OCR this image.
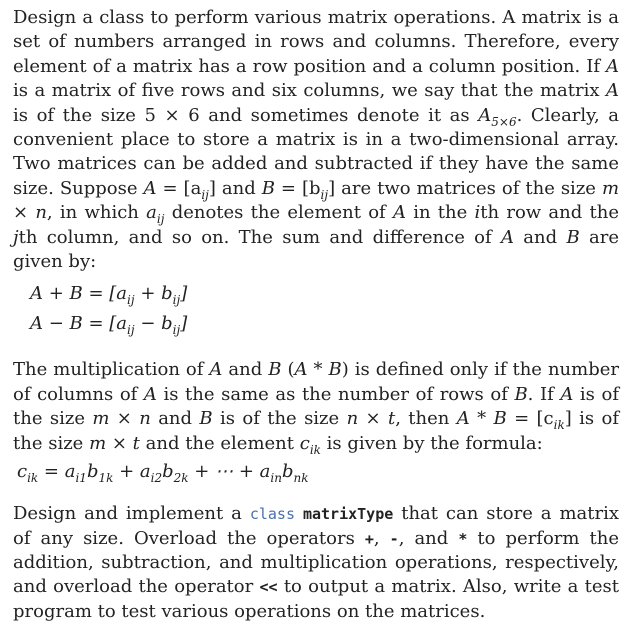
Design a class to perform various matrix operations. A matrix is a set of numbers arranged in rows and columns. Therefore, every element of a matrix has a row position and a column position. If A is a matrix of five rows and six columns, we say that the matrix A is of the size 5 × 6 and sometimes denote it as $A_{5\times 6}$. Clearly, a convenient place to store a matrix is in a two-dimensional array. Two matrices can be added and subtracted if they have the same size. Suppose $A = [a_{ij}]$ and $B = [b_{ij}]$ are two matrices of the size m × n, in which $a_{ij}$ denotes the element of A in the ith row and the jth column, and so on. The sum and difference of A and B are given by:

$A + B = [a_{ij} + b_{ij}]$

$A - B = [a_{ij} - b_{ij}]$

The multiplication of A and B (A * B) is defined only if the number of columns of A is the same as the number of rows of B. If A is of the size m × n and B is of the size n × t, then $A * B = [c_{ik}]$ is of the size m × t and the element $c_{ik}$ is given by the formula:

$c_{ik} = a_{i1}b_{1k} + a_{i2}b_{2k}$ + ⋯ + $a_{in}b_{nk}$

Design and implement a class matrixType that can store a matrix of any size. Overload the operators +, -, and * to perform the addition, subtraction, and multiplication operations, respectively, and overload the operator << to output a matrix. Also, write a test program to test various operations on the matrices.
